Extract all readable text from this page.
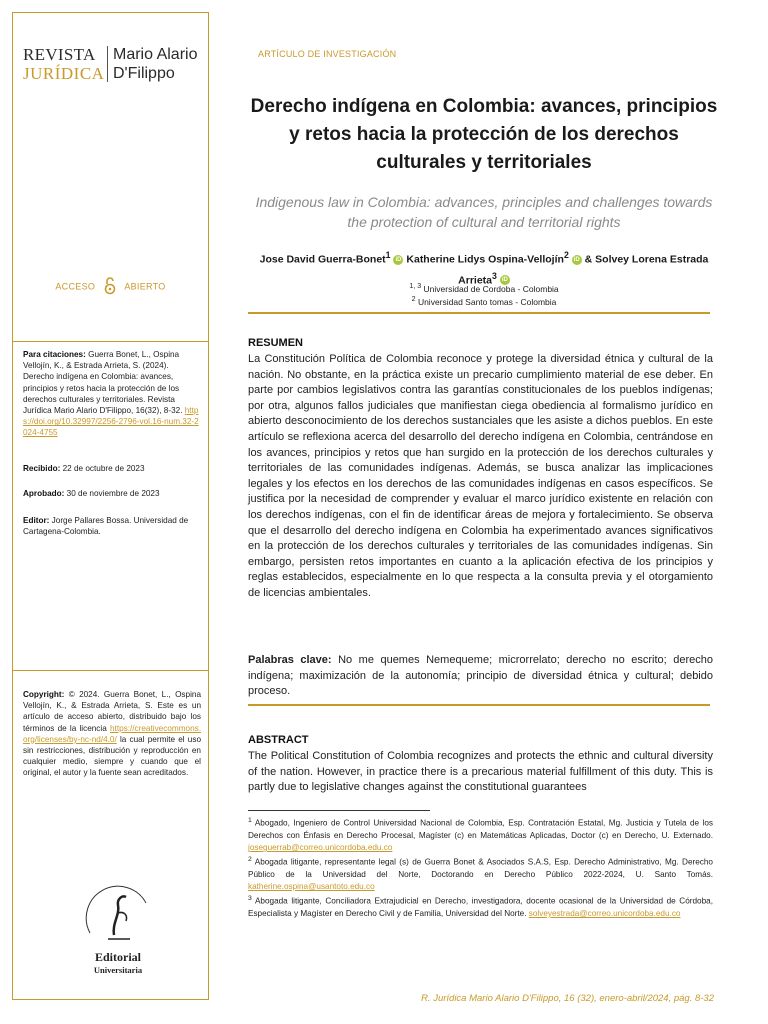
REVISTA
JURÍDICA
Mario Alario
D'Filippo
ACCESO	ABIERTO
Para citaciones: Guerra Bonet, L., Ospina Vellojín, K., & Estrada Arrieta, S. (2024). Derecho indígena en Colombia: avances, principios y retos hacia la protección de los derechos culturales y territoriales. Revista Jurídica Mario Alario D'Filippo, 16(32), 8-32. https://doi.org/10.32997/2256-2796-vol.16-num.32-2024-4755
Recibido: 22 de octubre de 2023
Aprobado: 30 de noviembre de 2023
Editor: Jorge Pallares Bossa. Universidad de Cartagena-Colombia.
Copyright: © 2024. Guerra Bonet, L., Ospina Vellojín, K., & Estrada Arrieta, S. Este es un artículo de acceso abierto, distribuido bajo los términos de la licencia https://creativecommons.org/licenses/by-nc-nd/4.0/ la cual permite el uso sin restricciones, distribución y reproducción en cualquier medio, siempre y cuando que el original, el autor y la fuente sean acreditados.
Editorial
Universitaria
ARTÍCULO DE INVESTIGACIÓN
Derecho indígena en Colombia: avances, principios y retos hacia la protección de los derechos culturales y territoriales
Indigenous law in Colombia: advances, principles and challenges towards the protection of cultural and territorial rights
Jose David Guerra-Bonet$^1$ iD Katherine Lidys Ospina-Vellojín$^2$ iD & Solvey Lorena Estrada
Arrieta$^3$ iD
$^{1, 3}$ Universidad de Cordoba - Colombia
$^2$ Universidad Santo tomas - Colombia
RESUMEN
La Constitución Política de Colombia reconoce y protege la diversidad étnica y cultural de la nación. No obstante, en la práctica existe un precario cumplimiento material de ese deber. En parte por cambios legislativos contra las garantías constitucionales de los pueblos indígenas; por otra, algunos fallos judiciales que manifiestan ciega obediencia al formalismo jurídico en abierto desconocimiento de los derechos sustanciales que les asiste a dichos pueblos. En este artículo se reflexiona acerca del desarrollo del derecho indígena en Colombia, centrándose en los avances, principios y retos que han surgido en la protección de los derechos culturales y territoriales de las comunidades indígenas. Además, se busca analizar las implicaciones legales y los efectos en los derechos de las comunidades indígenas en casos específicos. Se justifica por la necesidad de comprender y evaluar el marco jurídico existente en relación con los derechos indígenas, con el fin de identificar áreas de mejora y fortalecimiento. Se observa que el desarrollo del derecho indígena en Colombia ha experimentado avances significativos en la protección de los derechos culturales y territoriales de las comunidades indígenas. Sin embargo, persisten retos importantes en cuanto a la aplicación efectiva de los principios y reglas establecidos, especialmente en lo que respecta a la consulta previa y el otorgamiento de licencias ambientales.
Palabras clave: No me quemes Nemequeme; microrrelato; derecho no escrito; derecho indígena; maximización de la autonomía; principio de diversidad étnica y cultural; debido proceso.
ABSTRACT
The Political Constitution of Colombia recognizes and protects the ethnic and cultural diversity of the nation. However, in practice there is a precarious material fulfillment of this duty. This is partly due to legislative changes against the constitutional guarantees
$^1$ Abogado, Ingeniero de Control Universidad Nacional de Colombia, Esp. Contratación Estatal, Mg. Justicia y Tutela de los Derechos con Énfasis en Derecho Procesal, Magíster (c) en Matemáticas Aplicadas, Doctor (c) en Derecho, U. Externado. joseguerrab@correo.unicordoba.edu.co
$^2$ Abogada litigante, representante legal (s) de Guerra Bonet & Asociados S.A.S, Esp. Derecho Administrativo, Mg. Derecho Público de la Universidad del Norte, Doctorando en Derecho Público 2022-2024, U. Santo Tomás. katherine.ospina@usantoto.edu.co
$^3$ Abogada litigante, Conciliadora Extrajudicial en Derecho, investigadora, docente ocasional de la Universidad de Córdoba, Especialista y Magíster en Derecho Civil y de Familia, Universidad del Norte. solveyestrada@correo.unicordoba.edu.co
R. Jurídica Mario Alario D'Filippo, 16 (32), enero-abril/2024, pág. 8-32
